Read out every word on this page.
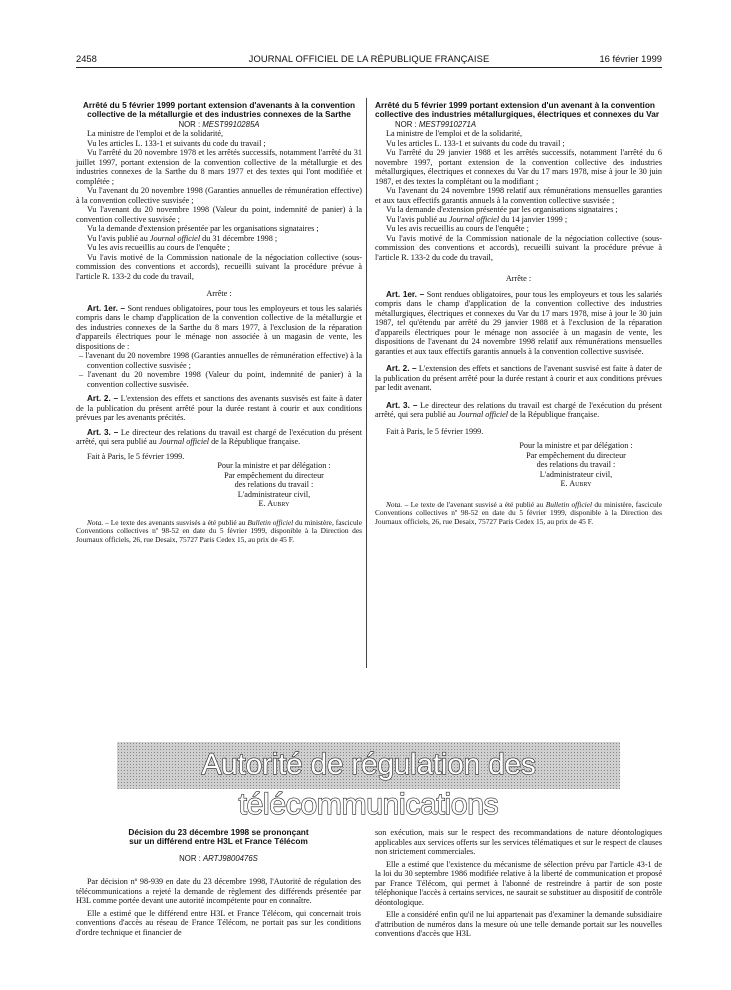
2458	JOURNAL OFFICIEL DE LA RÉPUBLIQUE FRANÇAISE	16 février 1999

Arrêté du 5 février 1999 portant extension d'avenants à la convention collective de la métallurgie et des industries connexes de la Sarthe

NOR : MESТ9910285A

La ministre de l'emploi et de la solidarité,

Vu les articles L. 133-1 et suivants du code du travail ;

Vu l'arrêté du 20 novembre 1978 et les arrêtés successifs, notamment l'arrêté du 31 juillet 1997, portant extension de la convention collective de la métallurgie et des industries connexes de la Sarthe du 8 mars 1977 et des textes qui l'ont modifiée et complétée ;

Vu l'avenant du 20 novembre 1998 (Garanties annuelles de rémunération effective) à la convention collective susvisée ;

Vu l'avenant du 20 novembre 1998 (Valeur du point, indemnité de panier) à la convention collective susvisée ;

Vu la demande d'extension présentée par les organisations signataires ;

Vu l'avis publié au Journal officiel du 31 décembre 1998 ;

Vu les avis recueillis au cours de l'enquête ;

Vu l'avis motivé de la Commission nationale de la négociation collective (sous-commission des conventions et accords), recueilli suivant la procédure prévue à l'article R. 133-2 du code du travail,

Arrête :

Art. 1er. – Sont rendues obligatoires, pour tous les employeurs et tous les salariés compris dans le champ d'application de la convention collective de la métallurgie et des industries connexes de la Sarthe du 8 mars 1977, à l'exclusion de la réparation d'appareils électriques pour le ménage non associée à un magasin de vente, les dispositions de :

– l'avenant du 20 novembre 1998 (Garanties annuelles de rémunération effective) à la convention collective susvisée ;

– l'avenant du 20 novembre 1998 (Valeur du point, indemnité de panier) à la convention collective susvisée.

Art. 2. – L'extension des effets et sanctions des avenants susvisés est faite à dater de la publication du présent arrêté pour la durée restant à courir et aux conditions prévues par les avenants précités.

Art. 3. – Le directeur des relations du travail est chargé de l'exécution du présent arrêté, qui sera publié au Journal officiel de la République française.

Fait à Paris, le 5 février 1999.

Pour la ministre et par délégation :

Par empêchement du directeur

des relations du travail :

L'administrateur civil,

E. Aubry

Nota. – Le texte des avenants susvisés a été publié au Bulletin officiel du ministère, fascicule Conventions collectives nº 98-52 en date du 5 février 1999, disponible à la Direction des Journaux officiels, 26, rue Desaix, 75727 Paris Cedex 15, au prix de 45 F.

Arrêté du 5 février 1999 portant extension d'un avenant à la convention collective des industries métallurgiques, électriques et connexes du Var

NOR : MESТ9910271A

La ministre de l'emploi et de la solidarité,

Vu les articles L. 133-1 et suivants du code du travail ;

Vu l'arrêté du 29 janvier 1988 et les arrêtés successifs, notamment l'arrêté du 6 novembre 1997, portant extension de la convention collective des industries métallurgiques, électriques et connexes du Var du 17 mars 1978, mise à jour le 30 juin 1987, et des textes la complétant ou la modifiant ;

Vu l'avenant du 24 novembre 1998 relatif aux rémunérations mensuelles garanties et aux taux effectifs garantis annuels à la convention collective susvisée ;

Vu la demande d'extension présentée par les organisations signataires ;

Vu l'avis publié au Journal officiel du 14 janvier 1999 ;

Vu les avis recueillis au cours de l'enquête ;

Vu l'avis motivé de la Commission nationale de la négociation collective (sous-commission des conventions et accords), recueilli suivant la procédure prévue à l'article R. 133-2 du code du travail,

Arrête :

Art. 1er. – Sont rendues obligatoires, pour tous les employeurs et tous les salariés compris dans le champ d'application de la convention collective des industries métallurgiques, électriques et connexes du Var du 17 mars 1978, mise à jour le 30 juin 1987, tel qu'étendu par arrêté du 29 janvier 1988 et à l'exclusion de la réparation d'appareils électriques pour le ménage non associée à un magasin de vente, les dispositions de l'avenant du 24 novembre 1998 relatif aux rémunérations mensuelles garanties et aux taux effectifs garantis annuels à la convention collective susvisée.

Art. 2. – L'extension des effets et sanctions de l'avenant susvisé est faite à dater de la publication du présent arrêté pour la durée restant à courir et aux conditions prévues par ledit avenant.

Art. 3. – Le directeur des relations du travail est chargé de l'exécution du présent arrêté, qui sera publié au Journal officiel de la République française.

Fait à Paris, le 5 février 1999.

Pour la ministre et par délégation :

Par empêchement du directeur

des relations du travail :

L'administrateur civil,

E. Aubry

Nota. – Le texte de l'avenant susvisé a été publié au Bulletin officiel du ministère, fascicule Conventions collectives nº 98-52 en date du 5 février 1999, disponible à la Direction des Journaux officiels, 26, rue Desaix, 75727 Paris Cedex 15, au prix de 45 F.

Autorité de régulation des télécommunications

Décision du 23 décembre 1998 se prononçant

sur un différend entre H3L et France Télécom

NOR : ARTJ9800476S

Par décision nº 98-939 en date du 23 décembre 1998, l'Autorité de régulation des télécommunications a rejeté la demande de règlement des différends présentée par H3L comme portée devant une autorité incompétente pour en connaître.

Elle a estimé que le différend entre H3L et France Télécom, qui concernait trois conventions d'accès au réseau de France Télécom, ne portait pas sur les conditions d'ordre technique et financier de

son exécution, mais sur le respect des recommandations de nature déontologiques applicables aux services offerts sur les services télématiques et sur le respect de clauses non strictement commerciales.

Elle a estimé que l'existence du mécanisme de sélection prévu par l'article 43-1 de la loi du 30 septembre 1986 modifiée relative à la liberté de communication et proposé par France Télécom, qui permet à l'abonné de restreindre à partir de son poste téléphonique l'accès à certains services, ne saurait se substituer au dispositif de contrôle déontologique.

Elle a considéré enfin qu'il ne lui appartenait pas d'examiner la demande subsidiaire d'attribution de numéros dans la mesure où une telle demande portait sur les nouvelles conventions d'accès que H3L
